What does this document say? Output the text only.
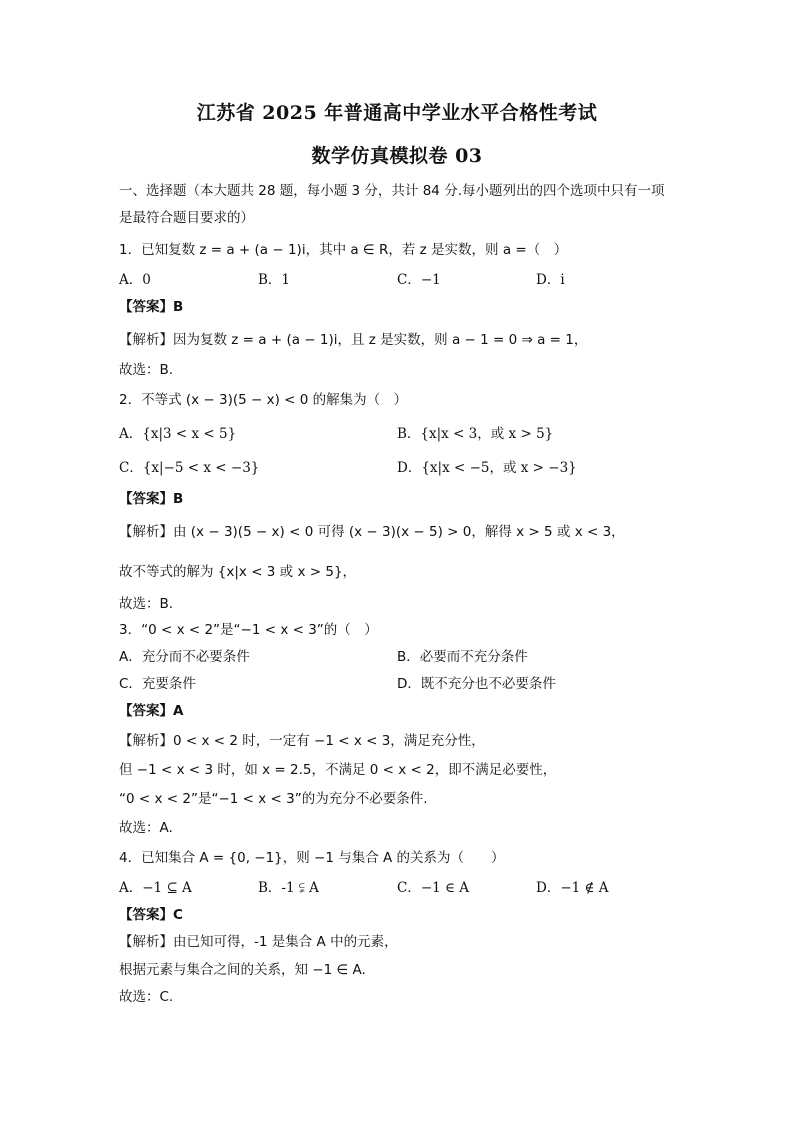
江苏省 2025 年普通高中学业水平合格性考试
数学仿真模拟卷 03
一、选择题（本大题共 28 题，每小题 3 分，共计 84 分.每小题列出的四个选项中只有一项
是最符合题目要求的）
1．已知复数 z = a + (a − 1)i，其中 a ∈ R，若 z 是实数，则 a =（　）
A．0	B．1	C．−1	D．i
【答案】B
【解析】因为复数 z = a + (a − 1)i，且 z 是实数，则 a − 1 = 0 ⇒ a = 1，
故选：B.
2．不等式 (x − 3)(5 − x) < 0 的解集为（　）
A．{x|3 < x < 5}	B．{x|x < 3，或 x > 5}
C．{x|−5 < x < −3}	D．{x|x < −5，或 x > −3}
【答案】B
【解析】由 (x − 3)(5 − x) < 0 可得 (x − 3)(x − 5) > 0，解得 x > 5 或 x < 3，
故不等式的解为 {x|x < 3 或 x > 5}，
故选：B.
3．“0 < x < 2”是“−1 < x < 3”的（　）
A．充分而不必要条件	B．必要而不充分条件
C．充要条件	D．既不充分也不必要条件
【答案】A
【解析】0 < x < 2 时，一定有 −1 < x < 3，满足充分性，
但 −1 < x < 3 时，如 x = 2.5，不满足 0 < x < 2，即不满足必要性，
“0 < x < 2”是“−1 < x < 3”的为充分不必要条件.
故选：A.
4．已知集合 A = {0, −1}，则 −1 与集合 A 的关系为（　　）
A．−1 ⊆ A	B．-1 ⫋ A	C．−1 ∈ A	D．−1 ∉ A
【答案】C
【解析】由已知可得，-1 是集合 A 中的元素，
根据元素与集合之间的关系，知 −1 ∈ A.
故选：C.
